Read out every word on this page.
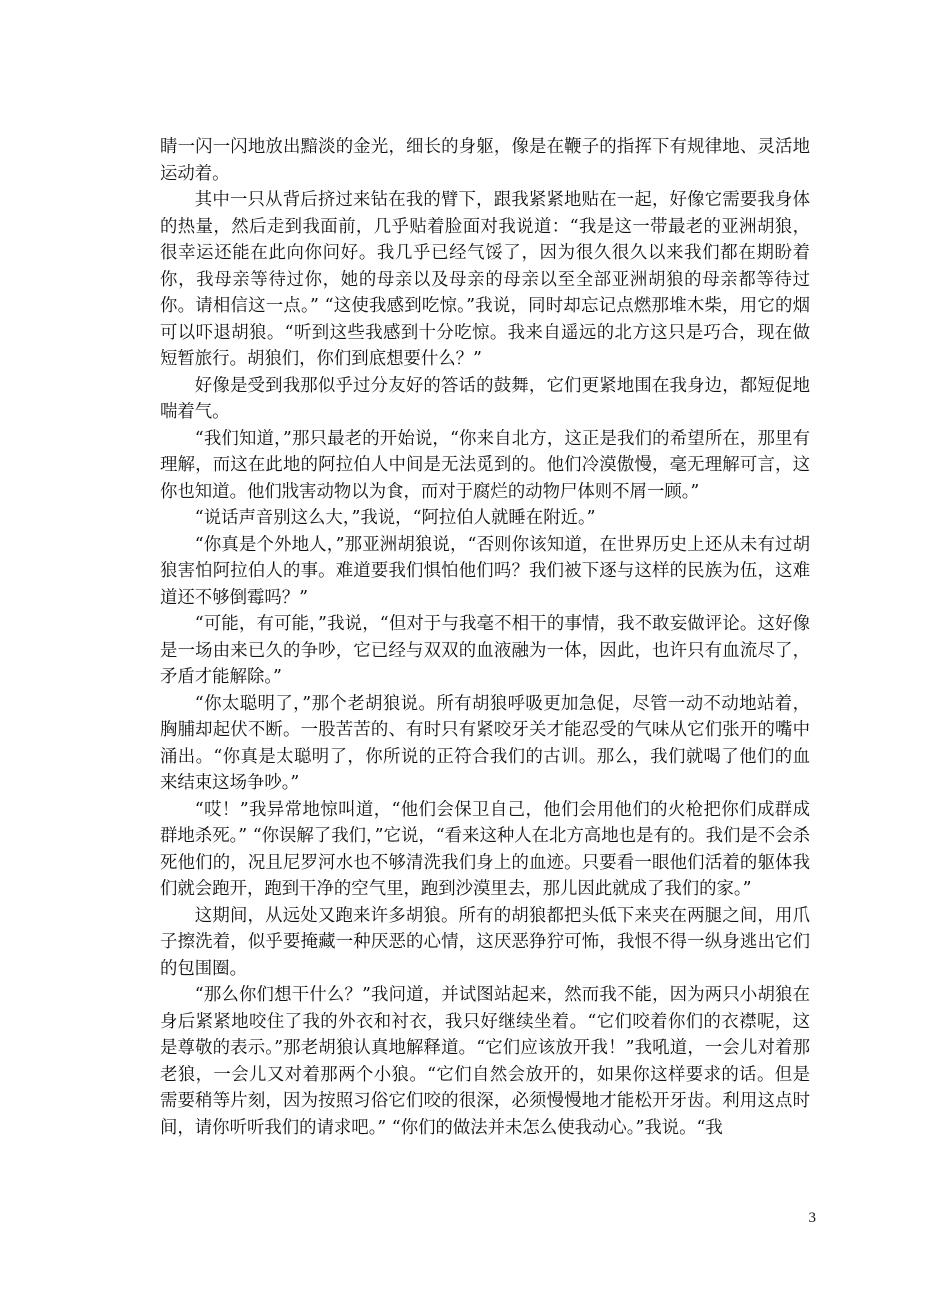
睛一闪一闪地放出黯淡的金光，细长的身躯，像是在鞭子的指挥下有规律地、灵活地运动着。

其中一只从背后挤过来钻在我的臂下，跟我紧紧地贴在一起，好像它需要我身体的热量，然后走到我面前，几乎贴着脸面对我说道：“我是这一带最老的亚洲胡狼，很幸运还能在此向你问好。我几乎已经气馁了，因为很久很久以来我们都在期盼着你，我母亲等待过你，她的母亲以及母亲的母亲以至全部亚洲胡狼的母亲都等待过你。请相信这一点。” “这使我感到吃惊。”我说，同时却忘记点燃那堆木柴，用它的烟可以吓退胡狼。“听到这些我感到十分吃惊。我来自遥远的北方这只是巧合，现在做短暂旅行。胡狼们，你们到底想要什么？”

好像是受到我那似乎过分友好的答话的鼓舞，它们更紧地围在我身边，都短促地喘着气。

“我们知道，”那只最老的开始说，“你来自北方，这正是我们的希望所在，那里有理解，而这在此地的阿拉伯人中间是无法觅到的。他们冷漠傲慢，毫无理解可言，这你也知道。他们戕害动物以为食，而对于腐烂的动物尸体则不屑一顾。”

“说话声音别这么大，”我说，“阿拉伯人就睡在附近。”

“你真是个外地人，”那亚洲胡狼说，“否则你该知道，在世界历史上还从未有过胡狼害怕阿拉伯人的事。难道要我们惧怕他们吗？我们被下逐与这样的民族为伍，这难道还不够倒霉吗？”

“可能，有可能，”我说，“但对于与我毫不相干的事情，我不敢妄做评论。这好像是一场由来已久的争吵，它已经与双双的血液融为一体，因此，也许只有血流尽了，矛盾才能解除。”

“你太聪明了，”那个老胡狼说。所有胡狼呼吸更加急促，尽管一动不动地站着，胸脯却起伏不断。一股苦苦的、有时只有紧咬牙关才能忍受的气味从它们张开的嘴中涌出。“你真是太聪明了，你所说的正符合我们的古训。那么，我们就喝了他们的血来结束这场争吵。”

“哎！”我异常地惊叫道，“他们会保卫自己，他们会用他们的火枪把你们成群成群地杀死。” “你误解了我们，”它说，“看来这种人在北方高地也是有的。我们是不会杀死他们的，况且尼罗河水也不够清洗我们身上的血迹。只要看一眼他们活着的躯体我们就会跑开，跑到干净的空气里，跑到沙漠里去，那儿因此就成了我们的家。”

这期间，从远处又跑来许多胡狼。所有的胡狼都把头低下来夹在两腿之间，用爪子擦洗着，似乎要掩藏一种厌恶的心情，这厌恶狰狞可怖，我恨不得一纵身逃出它们的包围圈。

“那么你们想干什么？”我问道，并试图站起来，然而我不能，因为两只小胡狼在身后紧紧地咬住了我的外衣和衬衣，我只好继续坐着。“它们咬着你们的衣襟呢，这是尊敬的表示。”那老胡狼认真地解释道。“它们应该放开我！”我吼道，一会儿对着那老狼，一会儿又对着那两个小狼。“它们自然会放开的，如果你这样要求的话。但是需要稍等片刻，因为按照习俗它们咬的很深，必须慢慢地才能松开牙齿。利用这点时间，请你听听我们的请求吧。” “你们的做法并未怎么使我动心。”我说。“我

3
